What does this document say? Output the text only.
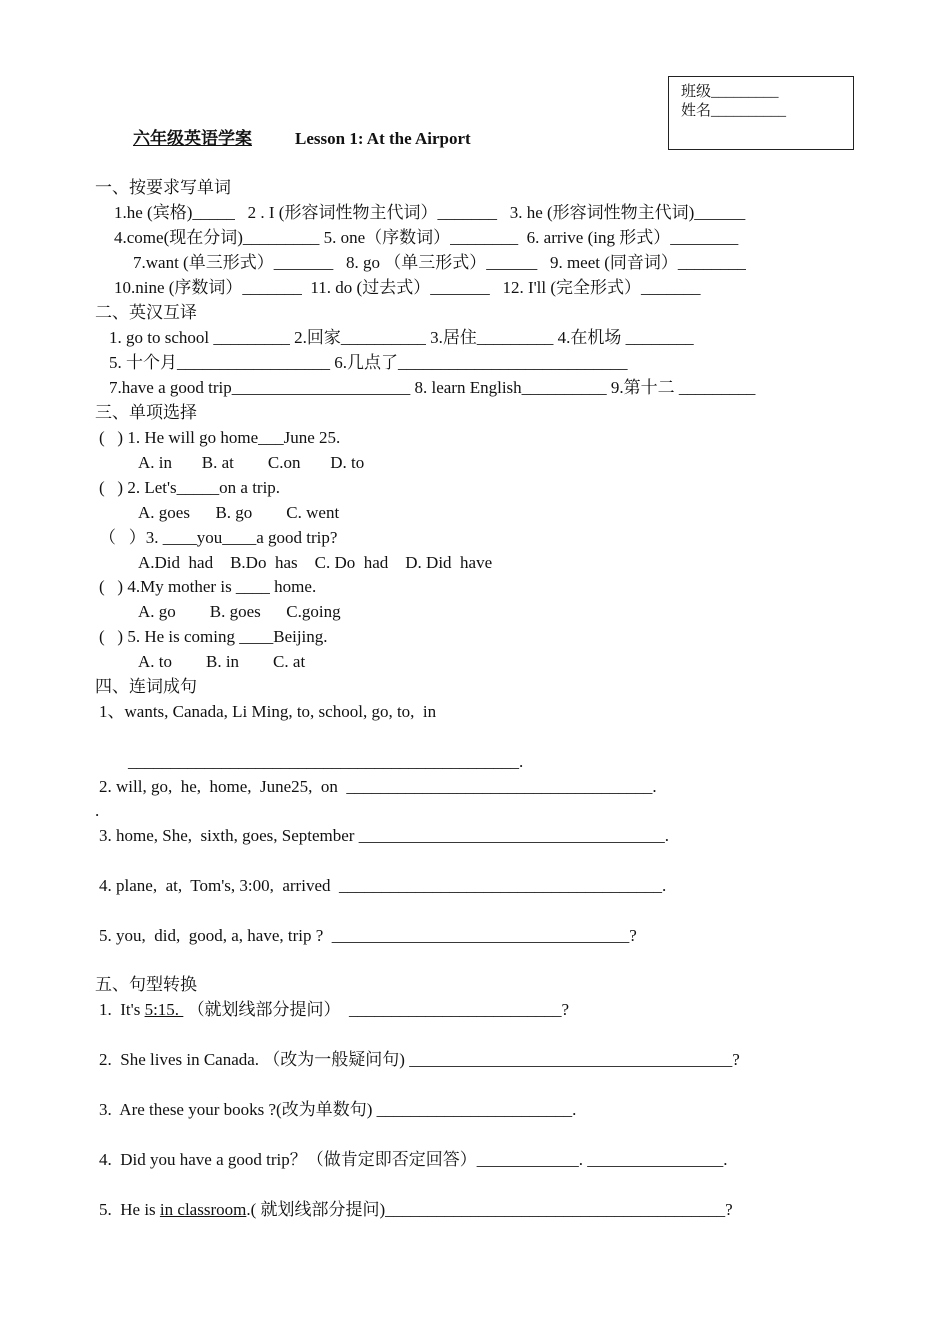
班级_________
姓名__________
六年级英语学案	Lesson 1: At the Airport
一、按要求写单词
1.he (宾格)_____   2 . I (形容词性物主代词）_______   3. he (形容词性物主代词)______
4.come(现在分词)_________ 5. one（序数词）________  6. arrive (ing 形式）________
7.want (单三形式）_______   8. go （单三形式）______   9. meet (同音词）________
10.nine (序数词）_______  11. do (过去式）_______   12. I'll (完全形式）_______
二、英汉互译
1. go to school _________ 2.回家__________ 3.居住_________ 4.在机场 ________
5. 十个月__________________ 6.几点了___________________________
7.have a good trip_____________________ 8. learn English__________ 9.第十二 _________
三、单项选择
(   ) 1. He will go home___June 25.
A. in       B. at        C.on       D. to
(   ) 2. Let's_____on a trip.
A. goes      B. go        C. went
（   ）3. ____you____a good trip?
A.Did  had    B.Do  has    C. Do  had    D. Did  have
(   ) 4.My mother is ____ home.
A. go        B. goes      C.going
(   ) 5. He is coming ____Beijing.
A. to        B. in        C. at
四、连词成句
1、wants, Canada, Li Ming, to, school, go, to,  in
______________________________________________.
2. will, go,  he,  home,  June25,  on  ____________________________________.
.
3. home, She,  sixth, goes, September ____________________________________.
4. plane,  at,  Tom's, 3:00,  arrived  ______________________________________.
5. you,  did,  good, a, have, trip ?  ___________________________________?
五、句型转换
1.  It's 5:15.  （就划线部分提问）  _________________________?
2.  She lives in Canada. （改为一般疑问句) ______________________________________?
3.  Are these your books ?(改为单数句) _______________________.
4.  Did you have a good trip？（做肯定即否定回答）____________. ________________.
5.  He is in classroom.( 就划线部分提问)________________________________________?
